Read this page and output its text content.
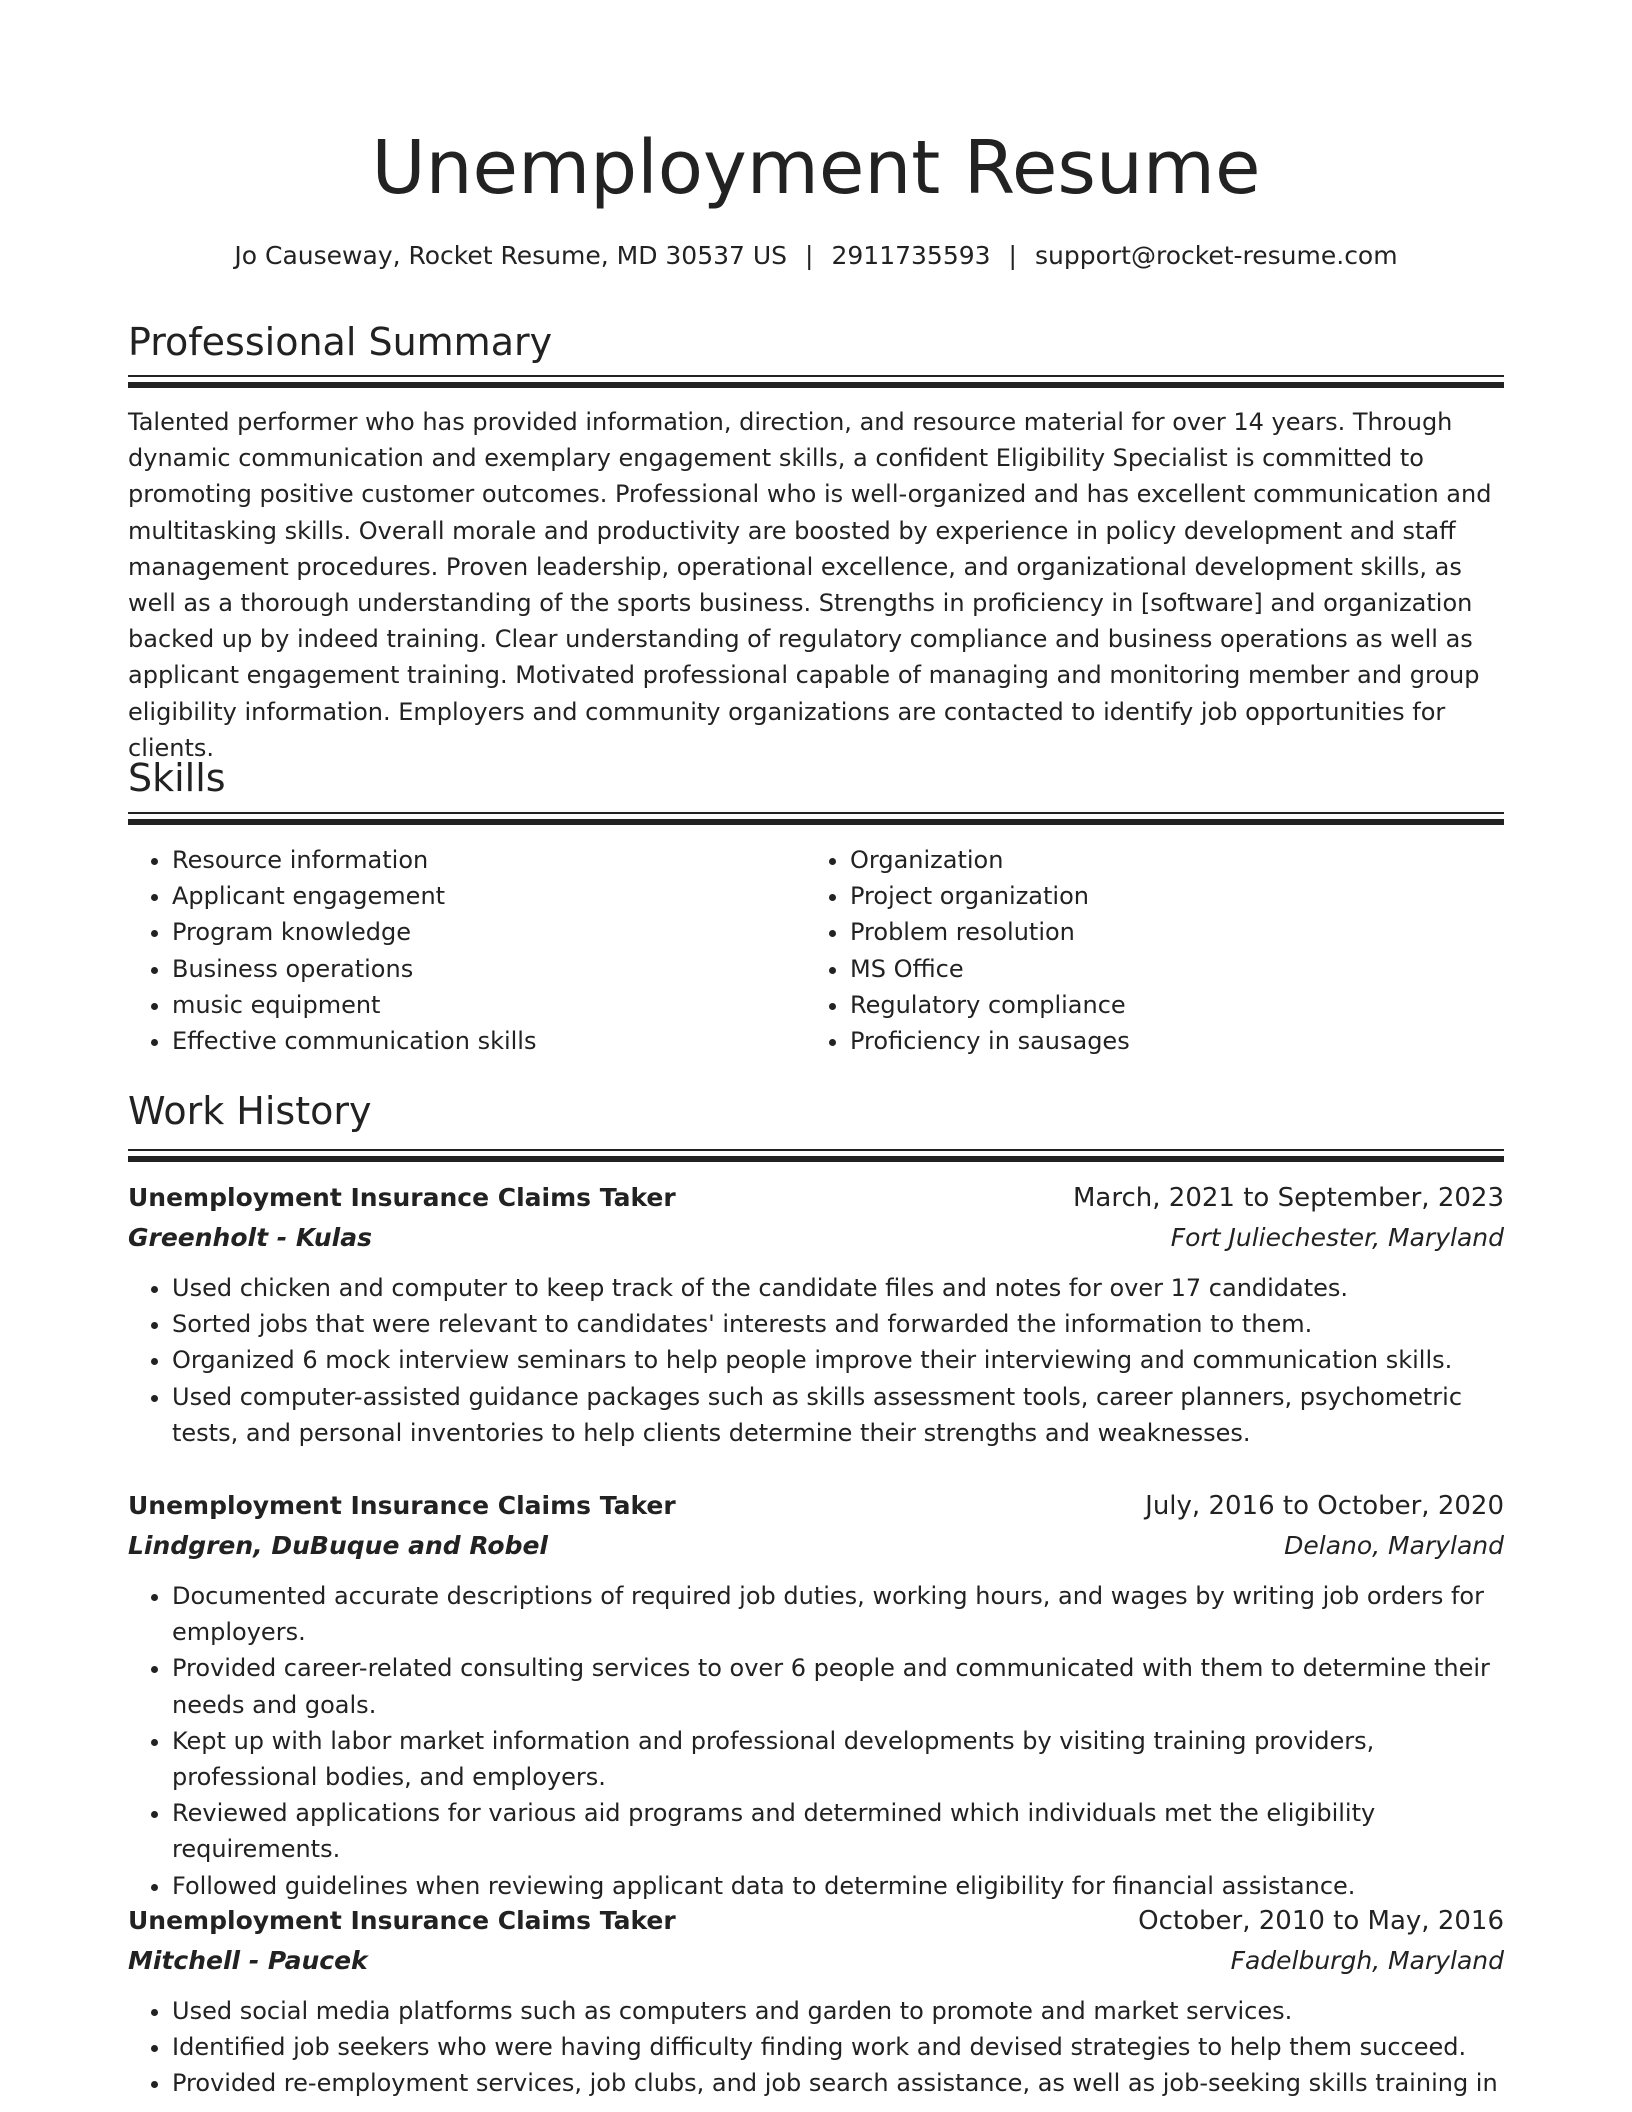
Unemployment Resume
Jo Causeway, Rocket Resume, MD 30537 US | 2911735593 | support@rocket-resume.com
Professional Summary

Talented performer who has provided information, direction, and resource material for over 14 years. Through dynamic communication and exemplary engagement skills, a confident Eligibility Specialist is committed to promoting positive customer outcomes. Professional who is well-organized and has excellent communication and multitasking skills. Overall morale and productivity are boosted by experience in policy development and staff management procedures. Proven leadership, operational excellence, and organizational development skills, as well as a thorough understanding of the sports business. Strengths in proficiency in [software] and organization backed up by indeed training. Clear understanding of regulatory compliance and business operations as well as applicant engagement training. Motivated professional capable of managing and monitoring member and group eligibility information. Employers and community organizations are contacted to identify job opportunities for clients.

Skills
• Resource information
• Applicant engagement
• Program knowledge
• Business operations
• music equipment
• Effective communication skills
• Organization
• Project organization
• Problem resolution
• MS Office
• Regulatory compliance
• Proficiency in sausages
Work History
Unemployment Insurance Claims Taker	March, 2021 to September, 2023
Greenholt - Kulas	Fort Juliechester, Maryland
• Used chicken and computer to keep track of the candidate files and notes for over 17 candidates.
• Sorted jobs that were relevant to candidates' interests and forwarded the information to them.
• Organized 6 mock interview seminars to help people improve their interviewing and communication skills.
• Used computer-assisted guidance packages such as skills assessment tools, career planners, psychometric tests, and personal inventories to help clients determine their strengths and weaknesses.
Unemployment Insurance Claims Taker	July, 2016 to October, 2020
Lindgren, DuBuque and Robel	Delano, Maryland
• Documented accurate descriptions of required job duties, working hours, and wages by writing job orders for employers.
• Provided career-related consulting services to over 6 people and communicated with them to determine their needs and goals.
• Kept up with labor market information and professional developments by visiting training providers, professional bodies, and employers.
• Reviewed applications for various aid programs and determined which individuals met the eligibility requirements.
• Followed guidelines when reviewing applicant data to determine eligibility for financial assistance.
Unemployment Insurance Claims Taker	October, 2010 to May, 2016
Mitchell - Paucek	Fadelburgh, Maryland
• Used social media platforms such as computers and garden to promote and market services.
• Identified job seekers who were having difficulty finding work and devised strategies to help them succeed.
• Provided re-employment services, job clubs, and job search assistance, as well as job-seeking skills training in
